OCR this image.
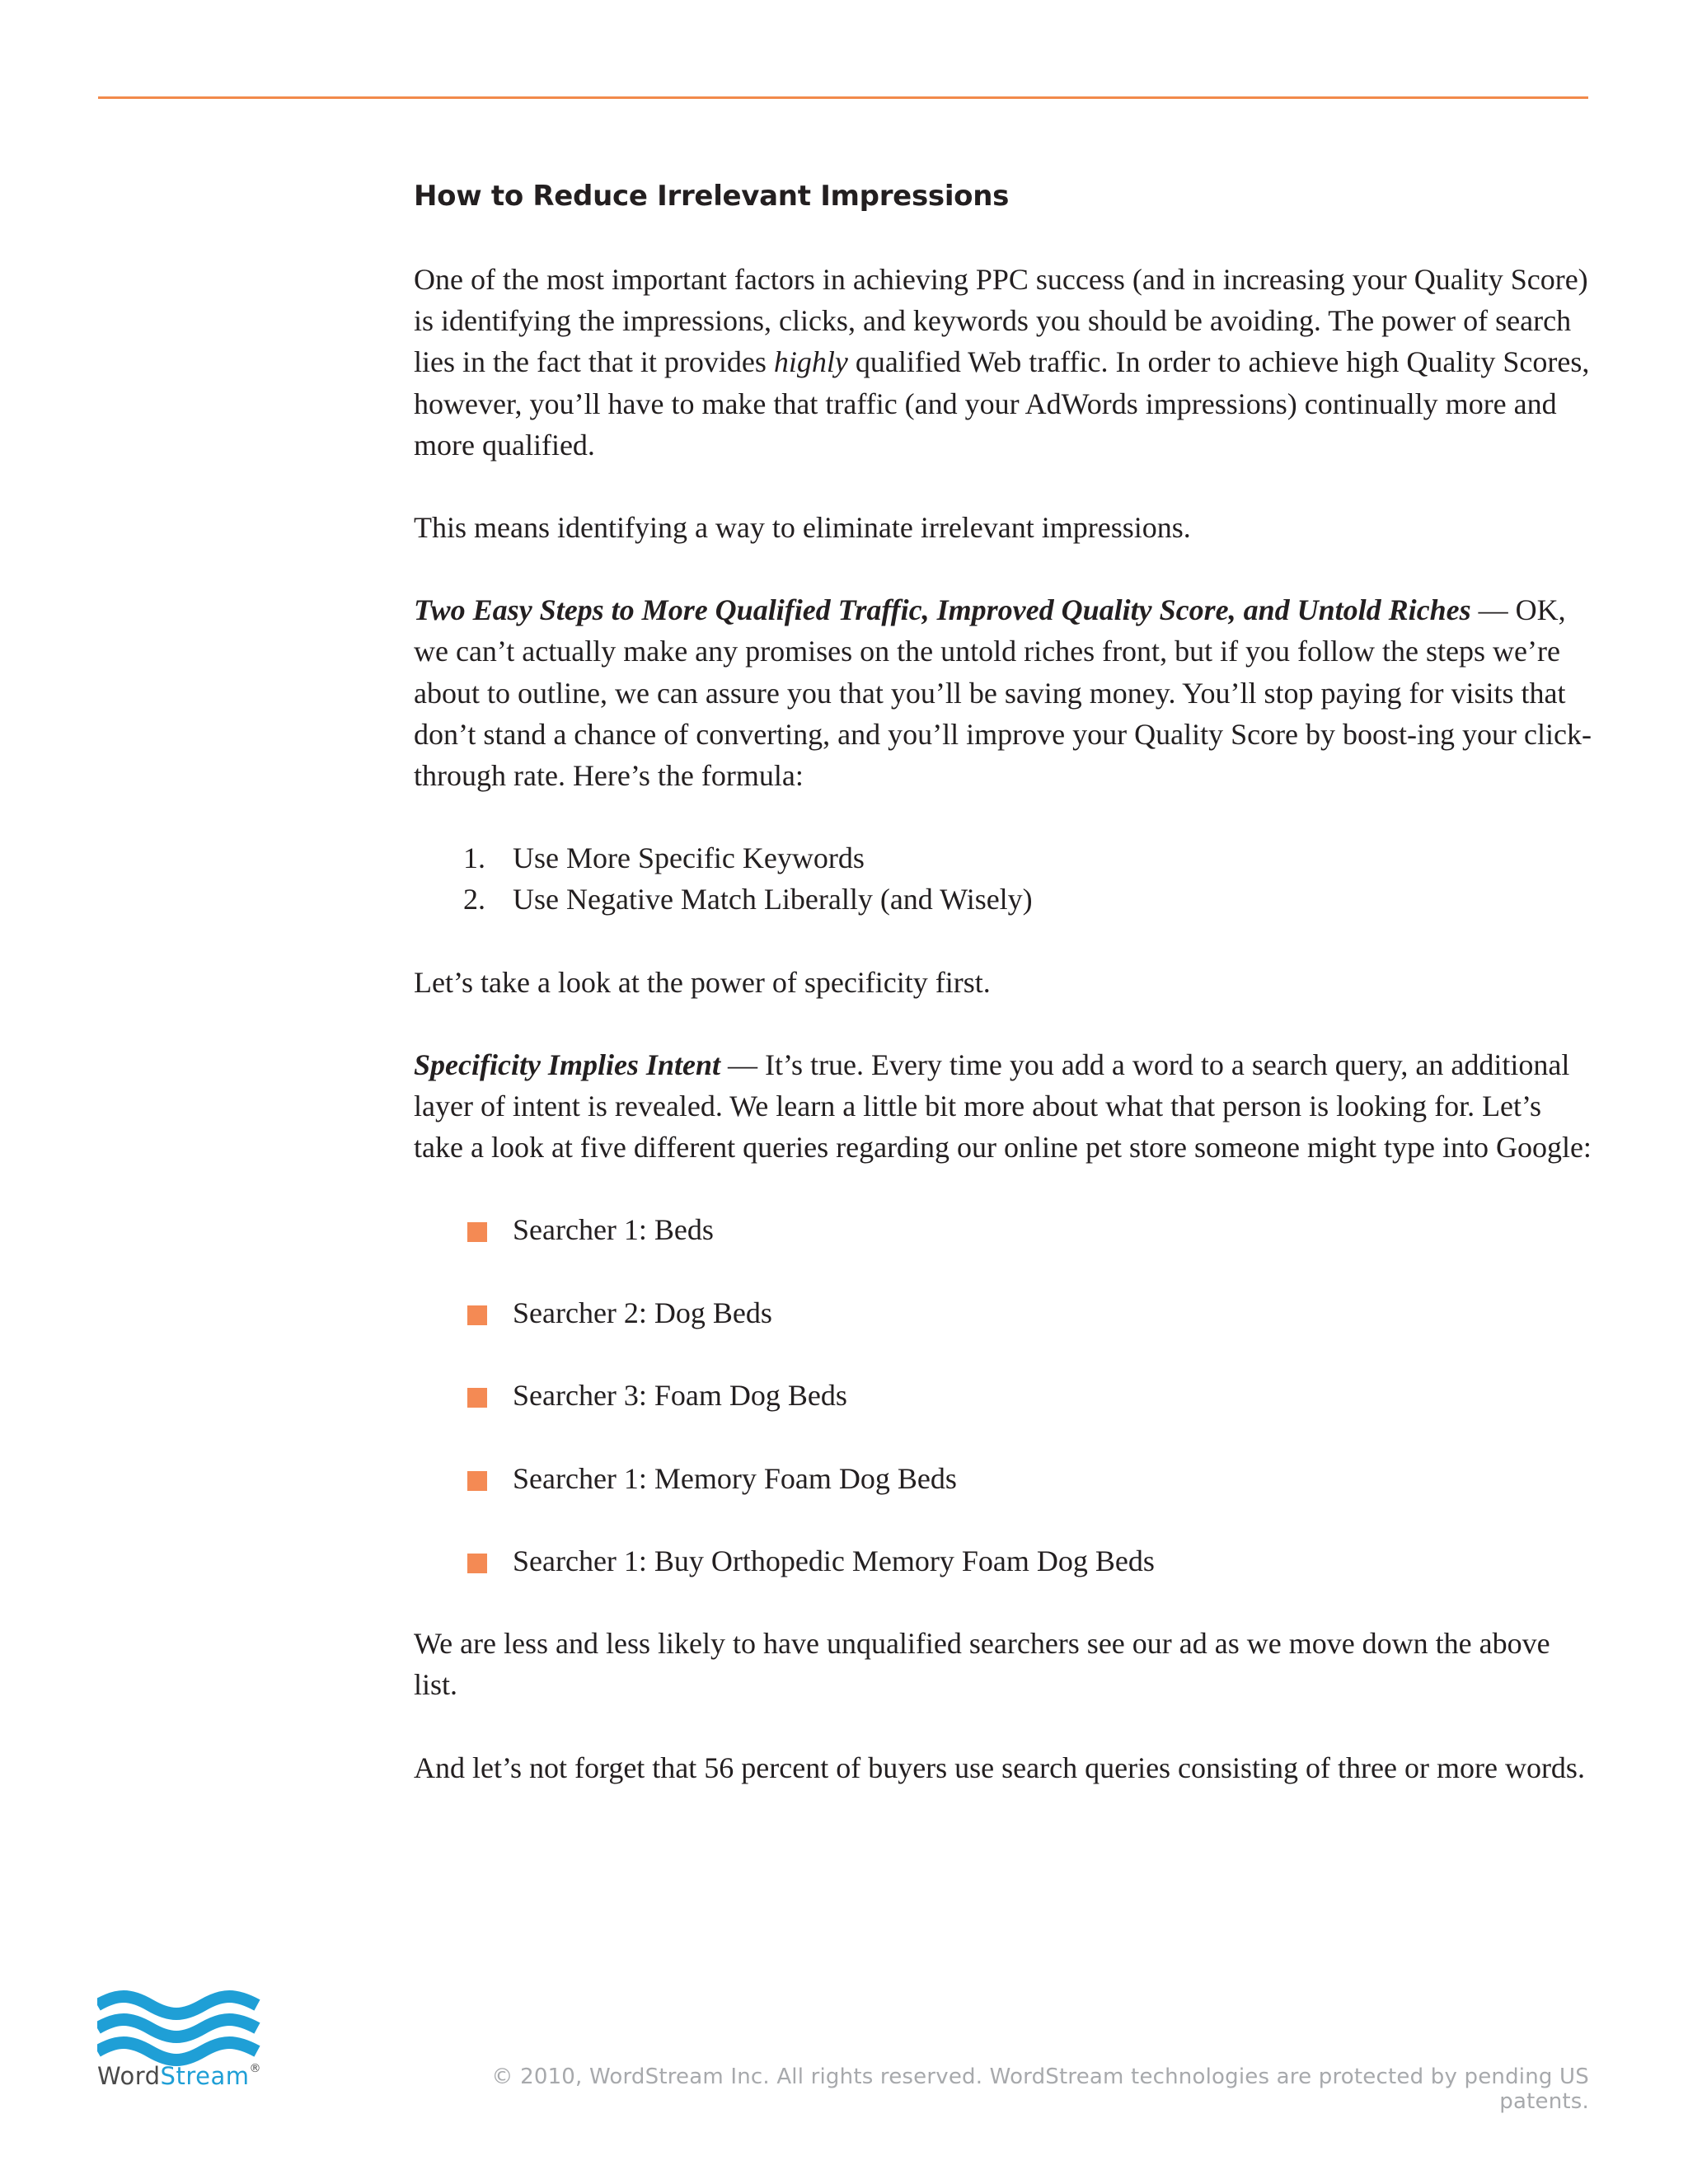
How to Reduce Irrelevant Impressions

One of the most important factors in achieving PPC success (and in increasing your Quality Score) is identifying the impressions, clicks, and keywords you should be avoiding. The power of search lies in the fact that it provides highly qualified Web traffic. In order to achieve high Quality Scores, however, you’ll have to make that traffic (and your AdWords impressions) continually more and more qualified.

This means identifying a way to eliminate irrelevant impressions.

Two Easy Steps to More Qualified Traffic, Improved Quality Score, and Untold Riches — OK, we can’t actually make any promises on the untold riches front, but if you follow the steps we’re about to outline, we can assure you that you’ll be saving money. You’ll stop paying for visits that don’t stand a chance of converting, and you’ll improve your Quality Score by boost-ing your click-through rate. Here’s the formula:

1. Use More Specific Keywords
2. Use Negative Match Liberally (and Wisely)

Let’s take a look at the power of specificity first.

Specificity Implies Intent — It’s true. Every time you add a word to a search query, an additional layer of intent is revealed. We learn a little bit more about what that person is looking for. Let’s take a look at five different queries regarding our online pet store someone might type into Google:

Searcher 1: Beds
Searcher 2: Dog Beds
Searcher 3: Foam Dog Beds
Searcher 1: Memory Foam Dog Beds
Searcher 1: Buy Orthopedic Memory Foam Dog Beds

We are less and less likely to have unqualified searchers see our ad as we move down the above list.

And let’s not forget that 56 percent of buyers use search queries consisting of three or more words.

WordStream®	© 2010, WordStream Inc. All rights reserved. WordStream technologies are protected by pending US patents.
